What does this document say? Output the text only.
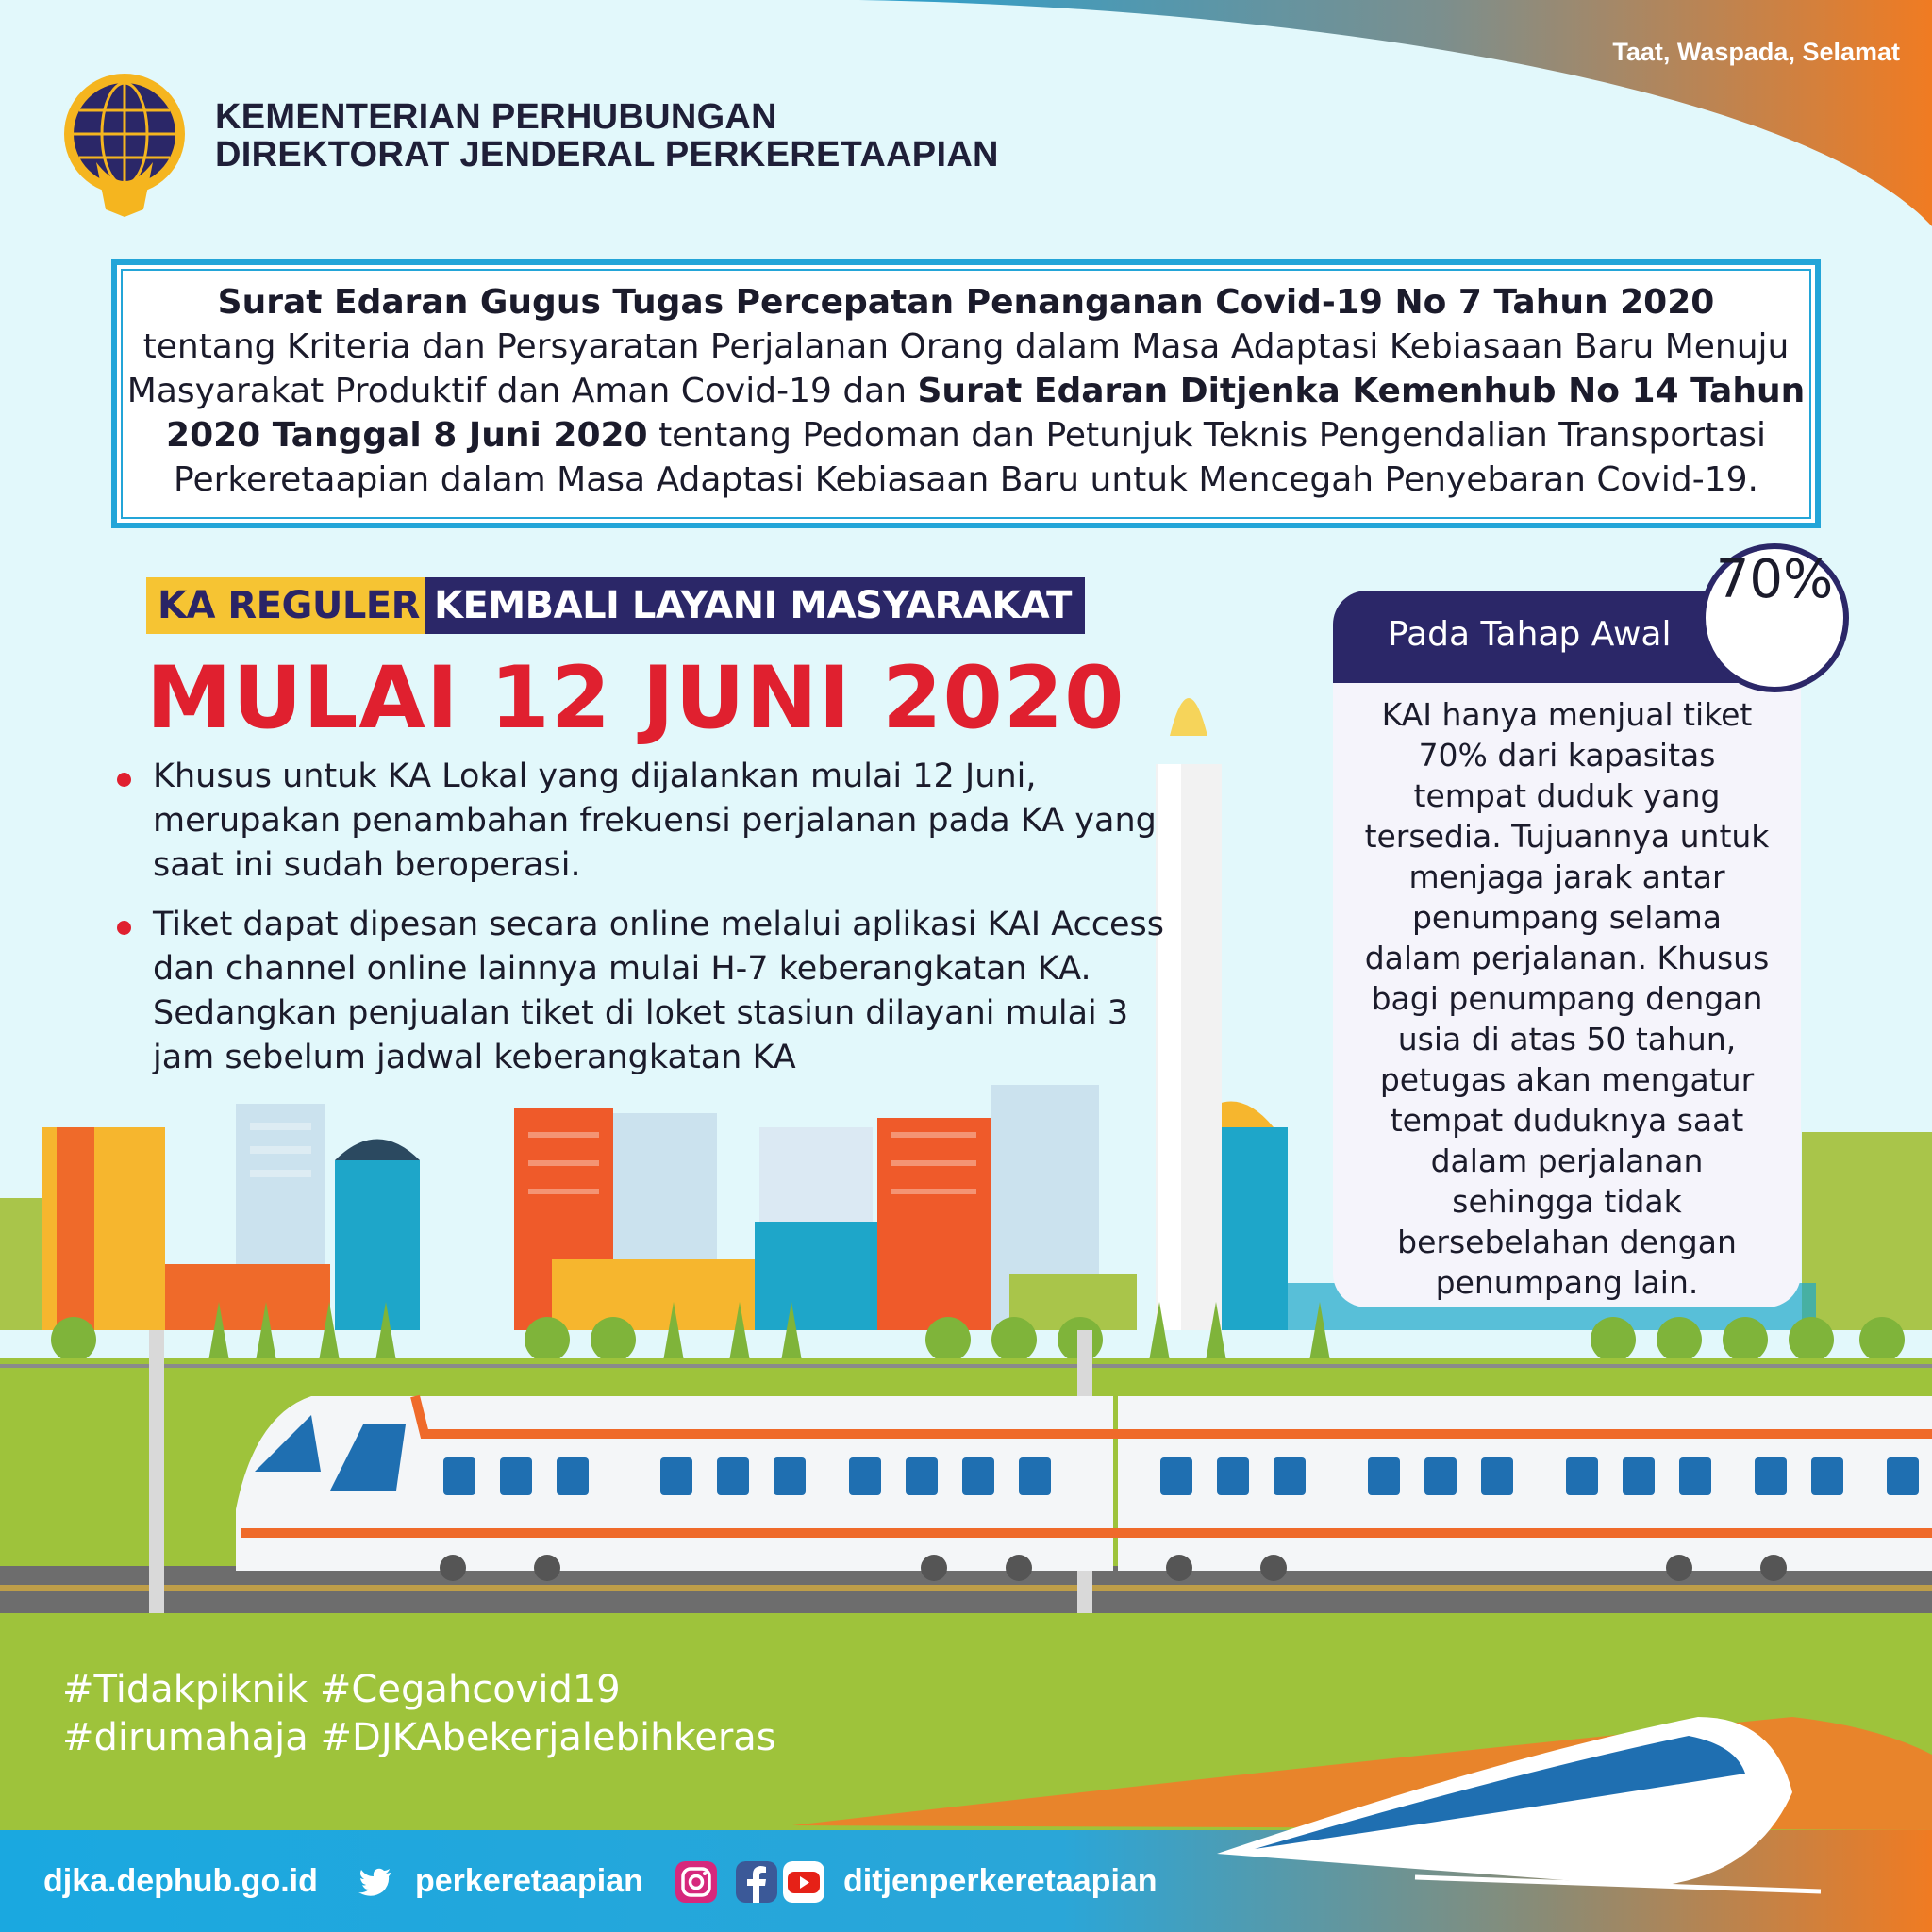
Taat, Waspada, Selamat
KEMENTERIAN PERHUBUNGAN
DIREKTORAT JENDERAL PERKERETAAPIAN
Surat Edaran Gugus Tugas Percepatan Penanganan Covid-19 No 7 Tahun 2020
tentang Kriteria dan Persyaratan Perjalanan Orang dalam Masa Adaptasi Kebiasaan Baru Menuju Masyarakat Produktif dan Aman Covid-19 dan Surat Edaran Ditjenka Kemenhub No 14 Tahun 2020 Tanggal 8 Juni 2020 tentang Pedoman dan Petunjuk Teknis Pengendalian Transportasi Perkeretaapian dalam Masa Adaptasi Kebiasaan Baru untuk Mencegah Penyebaran Covid-19.
KA REGULER KEMBALI LAYANI MASYARAKAT
MULAI 12 JUNI 2020
Khusus untuk KA Lokal yang dijalankan mulai 12 Juni, merupakan penambahan frekuensi perjalanan pada KA yang saat ini sudah beroperasi.
Tiket dapat dipesan secara online melalui aplikasi KAI Access dan channel online lainnya mulai H-7 keberangkatan KA. Sedangkan penjualan tiket di loket stasiun dilayani mulai 3 jam sebelum jadwal keberangkatan KA
Pada Tahap Awal
KAI hanya menjual tiket 70% dari kapasitas tempat duduk yang tersedia. Tujuannya untuk menjaga jarak antar penumpang selama dalam perjalanan. Khusus bagi penumpang dengan usia di atas 50 tahun, petugas akan mengatur tempat duduknya saat dalam perjalanan sehingga tidak bersebelahan dengan penumpang lain.
70%
#Tidakpiknik #Cegahcovid19
#dirumahaja #DJKAbekerjalebihkeras
djka.dephub.go.id	perkeretaapian	ditjenperkeretaapian
